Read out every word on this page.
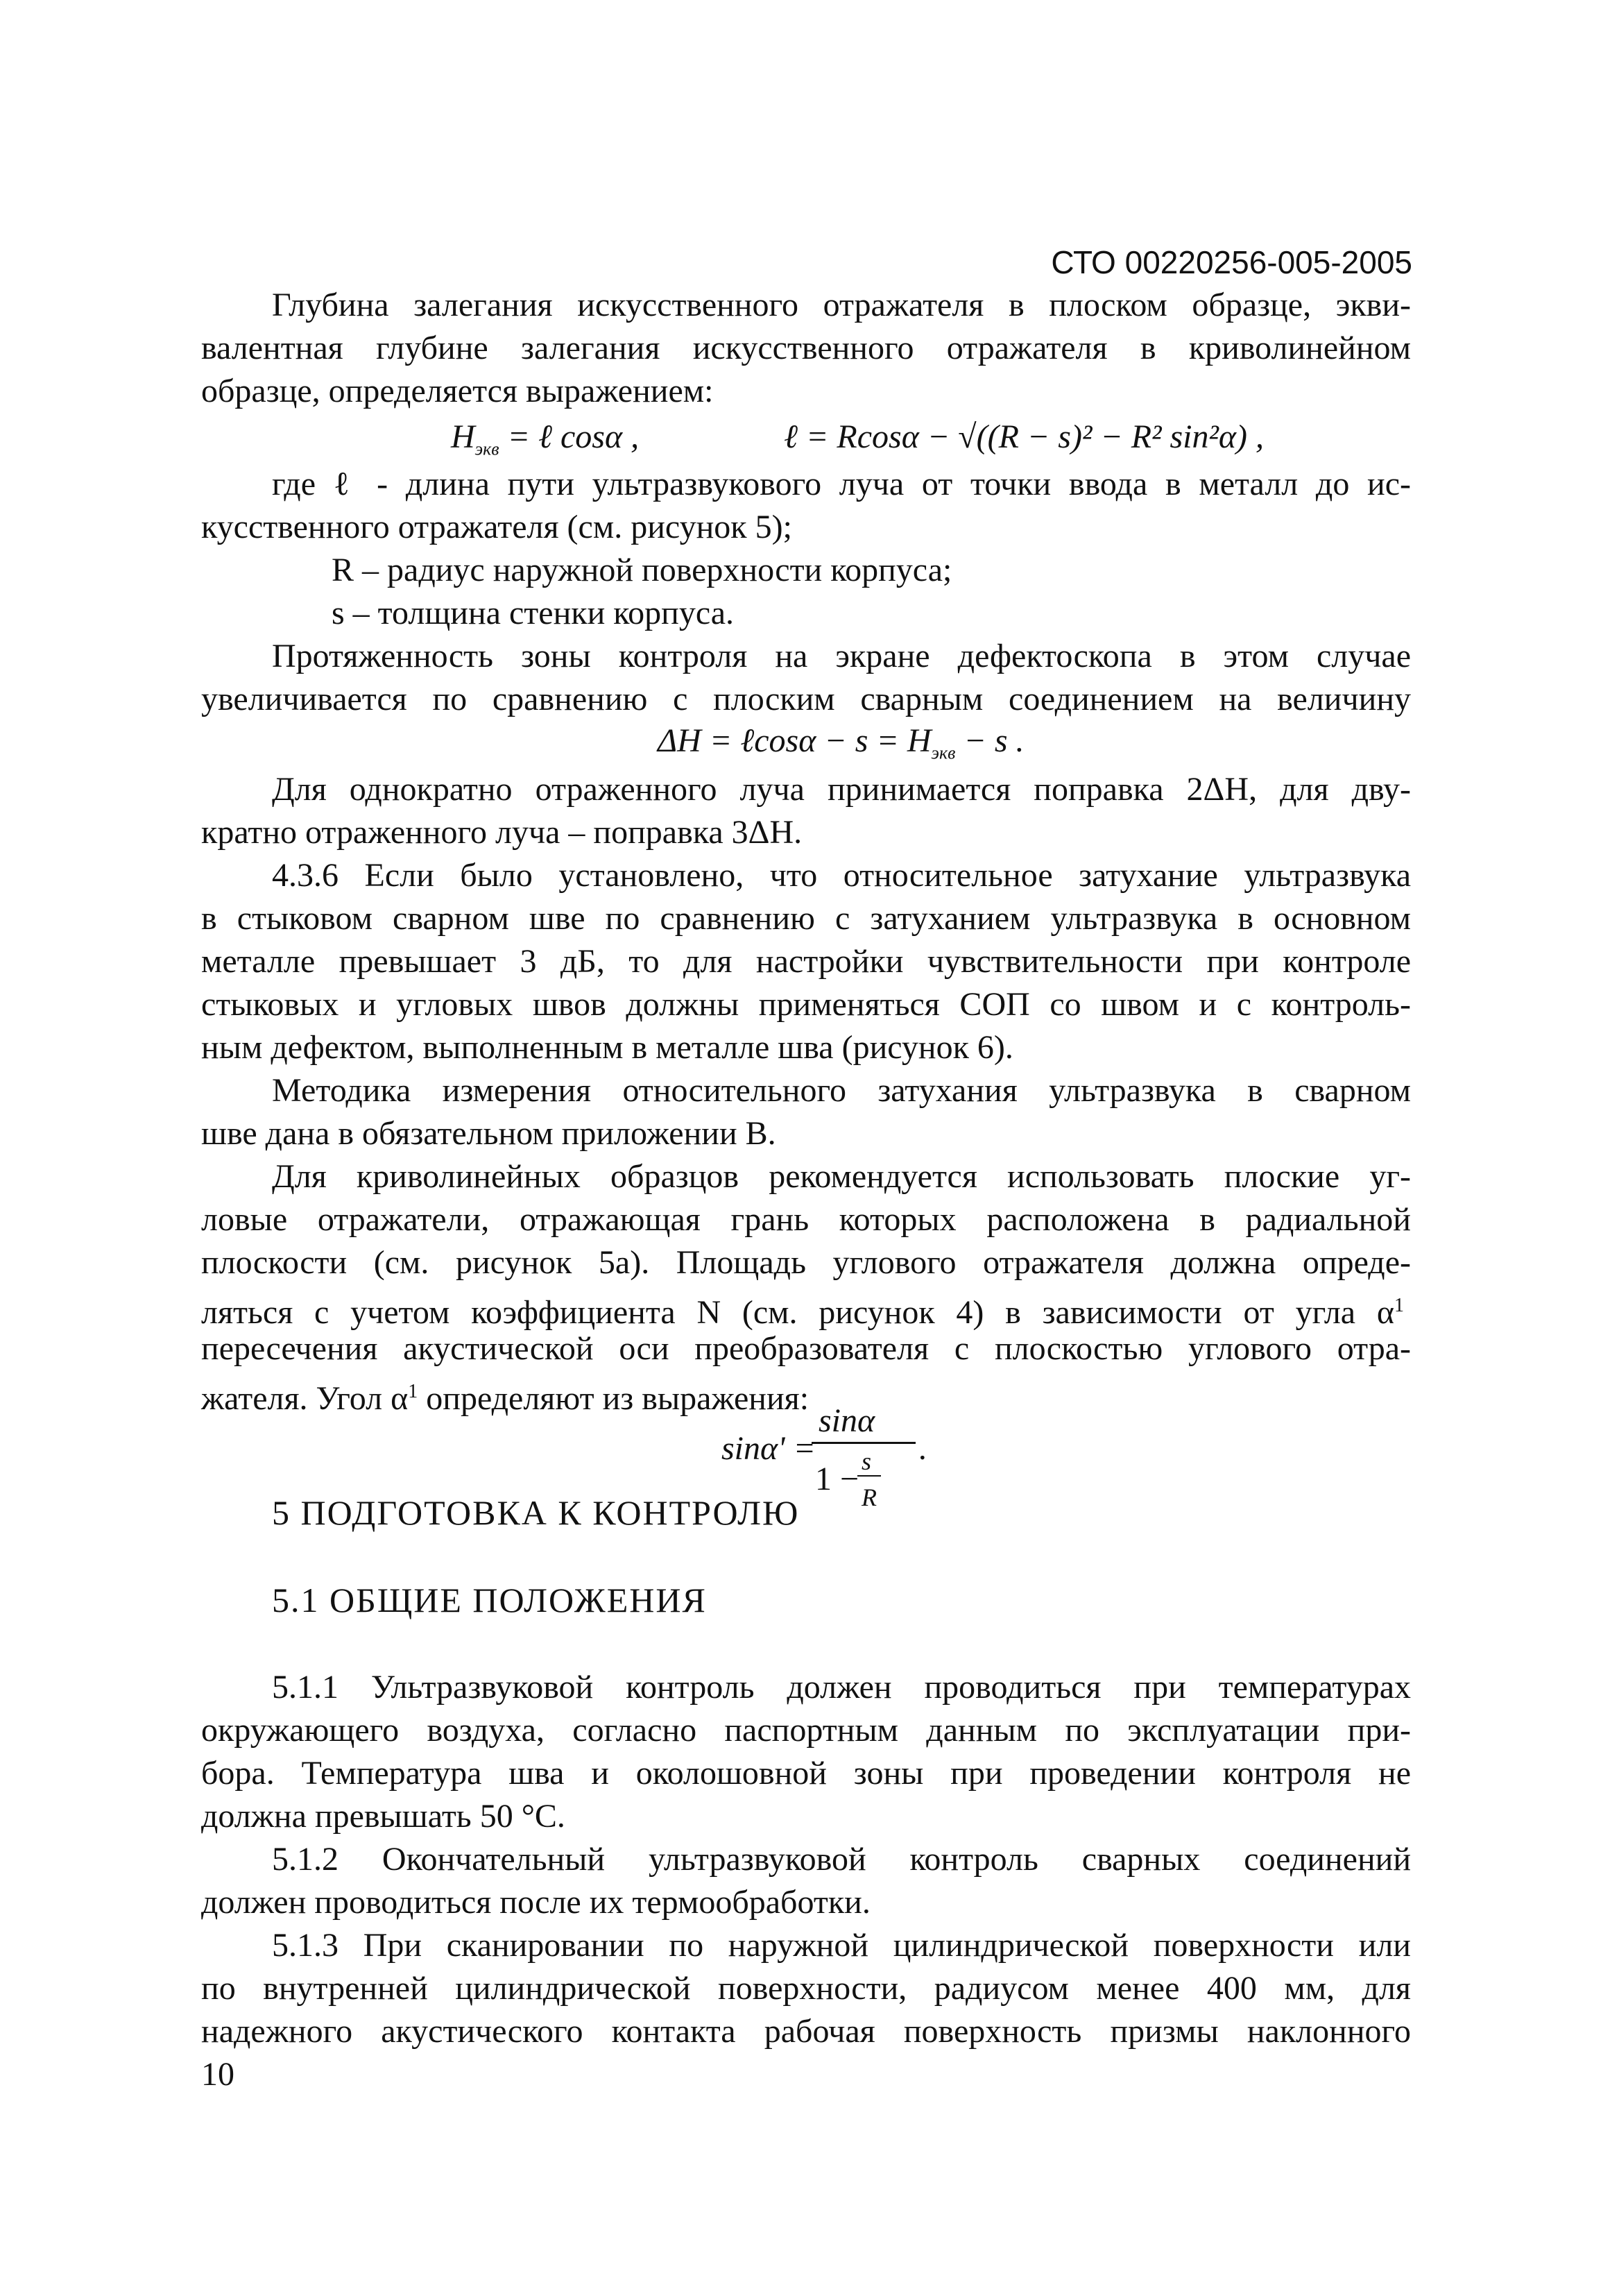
СТО 00220256-005-2005
Глубина залегания искусственного отражателя в плоском образце, экви-
валентная глубине залегания искусственного отражателя в криволинейном
образце, определяется выражением:
$H_{экв}$ = ℓ cosα ,	ℓ = Rcosα − √((R − s)² − R² sin²α) ,
где ℓ - длина пути ультразвукового луча от точки ввода в металл до ис-
кусственного отражателя (см. рисунок 5);
R – радиус наружной поверхности корпуса;
s – толщина стенки корпуса.
Протяженность зоны контроля на экране дефектоскопа в этом случае
увеличивается по сравнению с плоским сварным соединением на величину
ΔH = ℓcosα − $s = H_{экв} - s$ .
Для однократно отраженного луча принимается поправка 2ΔН, для дву-
кратно отраженного луча – поправка 3ΔН.
4.3.6 Если было установлено, что относительное затухание ультразвука
в стыковом сварном шве по сравнению с затуханием ультразвука в основном
металле превышает 3 дБ, то для настройки чувствительности при контроле
стыковых и угловых швов должны применяться СОП со швом и с контроль-
ным дефектом, выполненным в металле шва (рисунок 6).
Методика измерения относительного затухания ультразвука в сварном
шве дана в обязательном приложении В.
Для криволинейных образцов рекомендуется использовать плоские уг-
ловые отражатели, отражающая грань которых расположена в радиальной
плоскости (см. рисунок 5а). Площадь углового отражателя должна опреде-
ляться с учетом коэффициента N (см. рисунок 4) в зависимости от угла $\alpha^1$
пересечения акустической оси преобразователя с плоскостью углового отра-
жателя. Угол $\alpha^1$ определяют из выражения:
sinα' =
sinα
1 − s
R
.
5 ПОДГОТОВКА К КОНТРОЛЮ
5.1 ОБЩИЕ ПОЛОЖЕНИЯ
5.1.1 Ультразвуковой контроль должен проводиться при температурах
окружающего воздуха, согласно паспортным данным по эксплуатации при-
бора. Температура шва и околошовной зоны при проведении контроля не
должна превышать 50 °С.
5.1.2 Окончательный ультразвуковой контроль сварных соединений
должен проводиться после их термообработки.
5.1.3 При сканировании по наружной цилиндрической поверхности или
по внутренней цилиндрической поверхности, радиусом менее 400 мм, для
надежного акустического контакта рабочая поверхность призмы наклонного
10
